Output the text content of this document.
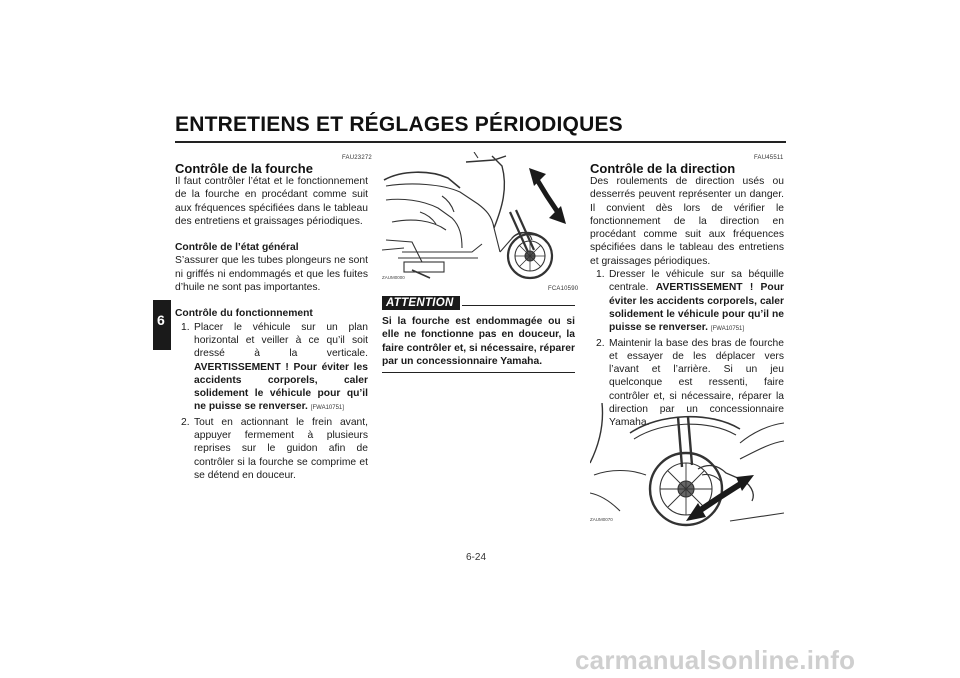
ENTRETIENS ET RÉGLAGES PÉRIODIQUES
6
FAU23272
Contrôle de la fourche
Il faut contrôler l’état et le fonctionnement de la fourche en procédant comme suit aux fréquences spécifiées dans le tableau des entretiens et graissages périodiques.
Contrôle de l’état général
S’assurer que les tubes plongeurs ne sont ni griffés ni endommagés et que les fuites d’huile ne sont pas importantes.
Contrôle du fonctionnement
1. Placer le véhicule sur un plan horizontal et veiller à ce qu’il soit dressé à la verticale. AVERTISSEMENT ! Pour éviter les accidents corporels, caler solidement le véhicule pour qu’il ne puisse se renverser. [FWA10751]
2. Tout en actionnant le frein avant, appuyer fermement à plusieurs reprises sur le guidon afin de contrôler si la fourche se comprime et se détend en douceur.
ZAUM0000
FCA10590
ATTENTION
Si la fourche est endommagée ou si elle ne fonctionne pas en douceur, la faire contrôler et, si nécessaire, réparer par un concessionnaire Yamaha.
FAU45511
Contrôle de la direction
Des roulements de direction usés ou desserrés peuvent représenter un danger. Il convient dès lors de vérifier le fonctionnement de la direction en procédant comme suit aux fréquences spécifiées dans le tableau des entretiens et graissages périodiques.
1. Dresser le véhicule sur sa béquille centrale. AVERTISSEMENT ! Pour éviter les accidents corporels, caler solidement le véhicule pour qu’il ne puisse se renverser. [FWA10751]
2. Maintenir la base des bras de fourche et essayer de les déplacer vers l’avant et l’arrière. Si un jeu quelconque est ressenti, faire contrôler et, si nécessaire, réparer la direction par un concessionnaire Yamaha.
ZAUM0070
6-24
carmanualsonline.info
